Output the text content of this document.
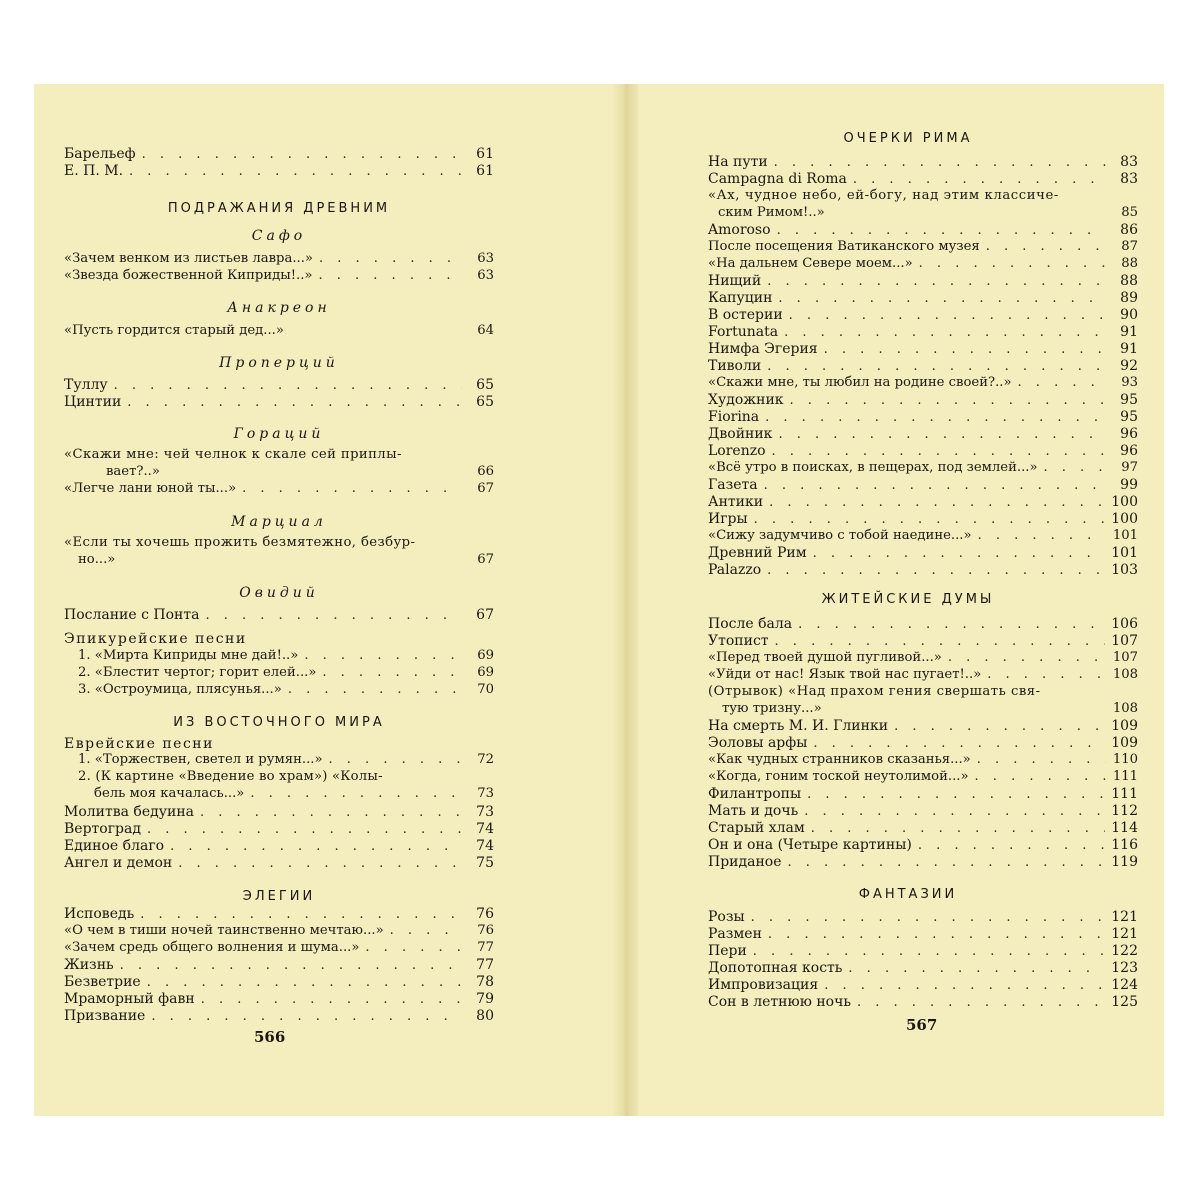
Барельеф . . .	61
Е. П. М. . . .	61
ПОДРАЖАНИЯ ДРЕВНИМ
Сафо
«Зачем венком из листьев лавра...» . . .	63
«Звезда божественной Киприды!..» . . .	63
Анакреон
«Пусть гордится старый дед...»	64
Проперций
Туллу . . .	65
Цинтии . . .	65
Гораций
«Скажи мне: чей челнок к скале сей приплы-
вает?..»	66
«Легче лани юной ты...» . . .	67
Марциал
«Если ты хочешь прожить безмятежно, безбур-
но...»	67
Овидий
Послание с Понта . . .	67
Эпикурейские песни
1. «Мирта Киприды мне дай!..» . . .	69
2. «Блестит чертог; горит елей...» . . .	69
3. «Остроумица, плясунья...» . . .	70
ИЗ ВОСТОЧНОГО МИРА
Еврейские песни
1. «Торжествен, светел и румян...» . . .	72
2. (К картине «Введение во храм») «Колы-
бель моя качалась...» . . .	73
Молитва бедуина . . .	73
Вертоград . . .	74
Единое благо . . .	74
Ангел и демон . . .	75
ЭЛЕГИИ
Исповедь . . .	76
«О чем в тиши ночей таинственно мечтаю...» . . .	76
«Зачем средь общего волнения и шума...» . . .	77
Жизнь . . .	77
Безветрие . . .	78
Мраморный фавн . . .	79
Призвание . . .	80
566
ОЧЕРКИ РИМА
На пути . . .	83
Campagna di Roma . . .	83
«Ах, чудное небо, ей-богу, над этим классиче-
ским Римом!..»	85
Amoroso . . .	86
После посещения Ватиканского музея . . .	87
«На дальнем Севере моем...» . . .	88
Нищий . . .	88
Капуцин . . .	89
В остерии . . .	90
Fortunata . . .	91
Нимфа Эгерия . . .	91
Тиволи . . .	92
«Скажи мне, ты любил на родине своей?..» . . .	93
Художник . . .	95
Fiorina . . .	95
Двойник . . .	96
Lorenzo . . .	96
«Всё утро в поисках, в пещерах, под землей...» . . .	97
Газета . . .	99
Антики . . .	100
Игры . . .	100
«Сижу задумчиво с тобой наедине...» . . .	101
Древний Рим . . .	101
Palazzo . . .	103
ЖИТЕЙСКИЕ ДУМЫ
После бала . . .	106
Утопист . . .	107
«Перед твоей душой пугливой...» . . .	107
«Уйди от нас! Язык твой нас пугает!..» . . .	108
(Отрывок) «Над прахом гения свершать свя-
тую тризну...»	108
На смерть М. И. Глинки . . .	109
Эоловы арфы . . .	109
«Как чудных странников сказанья...» . . .	110
«Когда, гоним тоской неутолимой...» . . .	111
Филантропы . . .	111
Мать и дочь . . .	112
Старый хлам . . .	114
Он и она (Четыре картины) . . .	116
Приданое . . .	119
ФАНТАЗИИ
Розы . . .	121
Размен . . .	121
Пери . . .	122
Допотопная кость . . .	123
Импровизация . . .	124
Сон в летнюю ночь . . .	125
567
